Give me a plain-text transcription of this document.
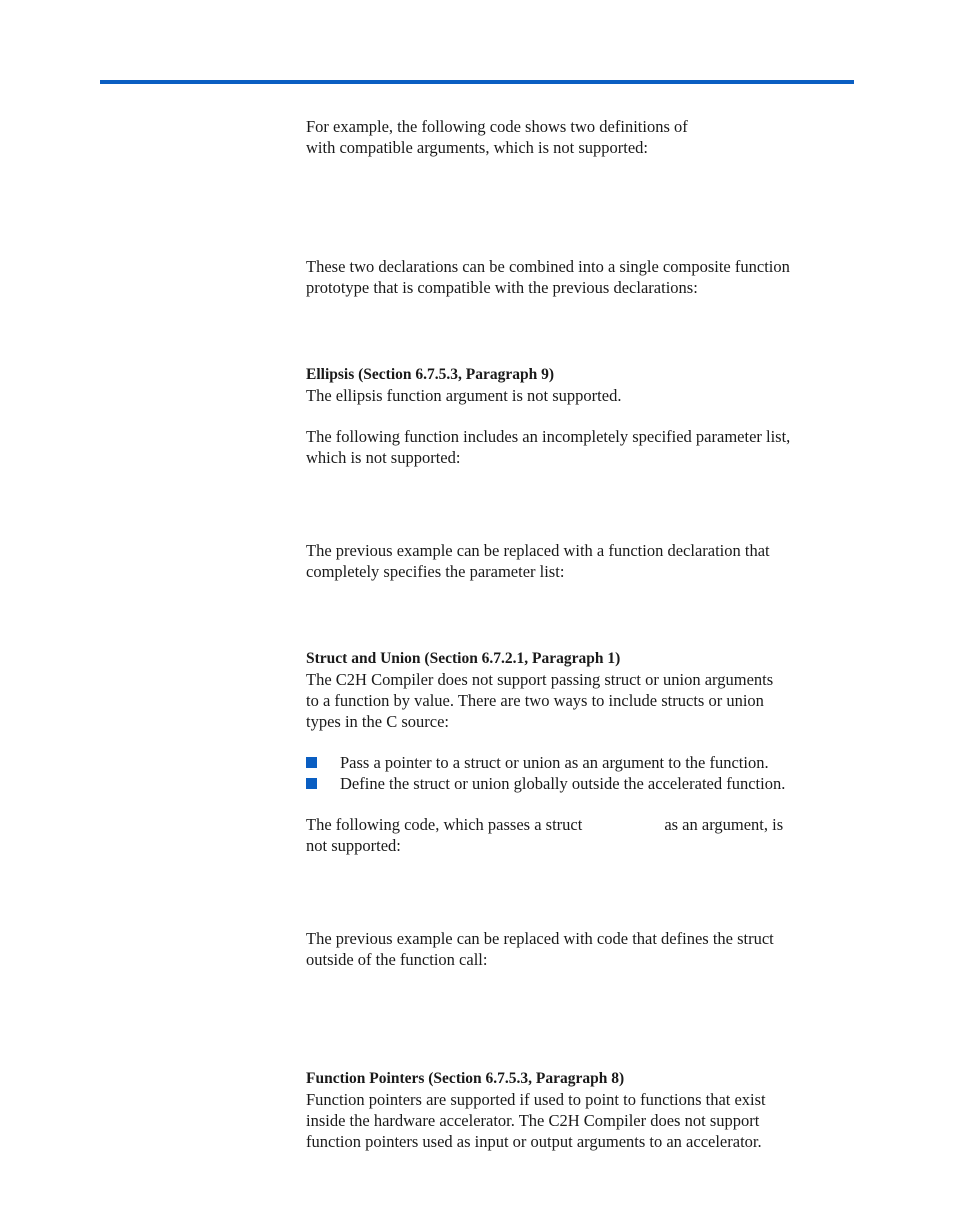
For example, the following code shows two definitions of
with compatible arguments, which is not supported:
These two declarations can be combined into a single composite function
prototype that is compatible with the previous declarations:
Ellipsis (Section 6.7.5.3, Paragraph 9)
The ellipsis function argument is not supported.
The following function includes an incompletely specified parameter list,
which is not supported:
The previous example can be replaced with a function declaration that
completely specifies the parameter list:
Struct and Union (Section 6.7.2.1, Paragraph 1)
The C2H Compiler does not support passing struct or union arguments
to a function by value. There are two ways to include structs or union
types in the C source:
Pass a pointer to a struct or union as an argument to the function.
Define the struct or union globally outside the accelerated function.
The following code, which passes a struct	as an argument, is
not supported:
The previous example can be replaced with code that defines the struct
outside of the function call:
Function Pointers (Section 6.7.5.3, Paragraph 8)
Function pointers are supported if used to point to functions that exist
inside the hardware accelerator. The C2H Compiler does not support
function pointers used as input or output arguments to an accelerator.
